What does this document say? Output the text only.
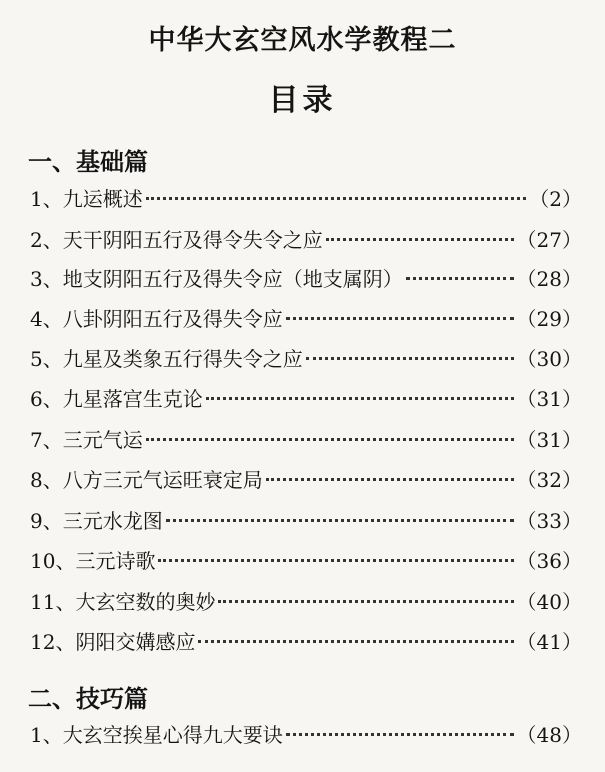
中华大玄空风水学教程二
目录
一、基础篇
1、 九运概述	（2）
2、 天干阴阳五行及得令失令之应	（27）
3、 地支阴阳五行及得失令应（地支属阴）	（28）
4、 八卦阴阳五行及得失令应	（29）
5、 九星及类象五行得失令之应	（30）
6、 九星落宫生克论	（31）
7、 三元气运	（31）
8、 八方三元气运旺衰定局	（32）
9、 三元水龙图	（33）
10、 三元诗歌	（36）
11、 大玄空数的奥妙	（40）
12、 阴阳交媾感应	（41）
二、技巧篇
1、 大玄空挨星心得九大要诀	（48）
